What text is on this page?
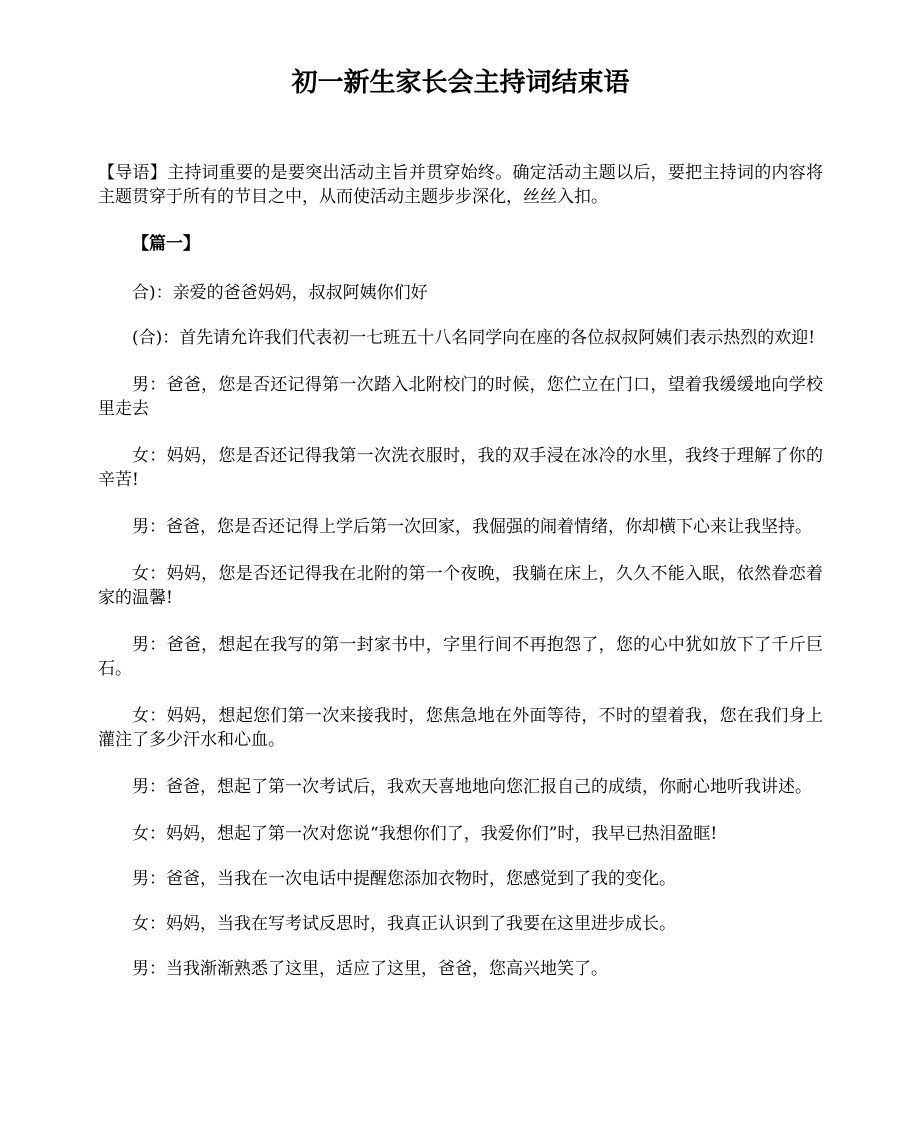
初一新生家长会主持词结束语

【导语】主持词重要的是要突出活动主旨并贯穿始终。确定活动主题以后，要把主持词的内容将主题贯穿于所有的节目之中，从而使活动主题步步深化，丝丝入扣。

【篇一】

合)：亲爱的爸爸妈妈，叔叔阿姨你们好

(合)：首先请允许我们代表初一七班五十八名同学向在座的各位叔叔阿姨们表示热烈的欢迎!

男：爸爸，您是否还记得第一次踏入北附校门的时候，您伫立在门口，望着我缓缓地向学校里走去

女：妈妈，您是否还记得我第一次洗衣服时，我的双手浸在冰冷的水里，我终于理解了你的辛苦!

男：爸爸，您是否还记得上学后第一次回家，我倔强的闹着情绪，你却横下心来让我坚持。

女：妈妈，您是否还记得我在北附的第一个夜晚，我躺在床上，久久不能入眠，依然眷恋着家的温馨!

男：爸爸，想起在我写的第一封家书中，字里行间不再抱怨了，您的心中犹如放下了千斤巨石。

女：妈妈，想起您们第一次来接我时，您焦急地在外面等待，不时的望着我，您在我们身上灌注了多少汗水和心血。

男：爸爸，想起了第一次考试后，我欢天喜地地向您汇报自己的成绩，你耐心地听我讲述。

女：妈妈，想起了第一次对您说“我想你们了，我爱你们”时，我早已热泪盈眶!

男：爸爸，当我在一次电话中提醒您添加衣物时，您感觉到了我的变化。

女：妈妈，当我在写考试反思时，我真正认识到了我要在这里进步成长。

男：当我渐渐熟悉了这里，适应了这里，爸爸，您高兴地笑了。
